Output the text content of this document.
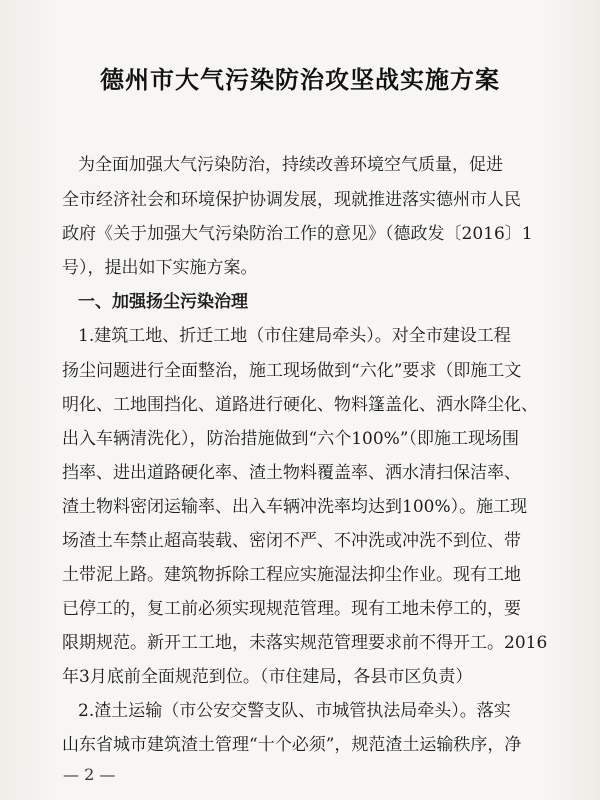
德州市大气污染防治攻坚战实施方案
为全面加强大气污染防治，持续改善环境空气质量，促进
全市经济社会和环境保护协调发展，现就推进落实德州市人民
政府《关于加强大气污染防治工作的意见》（德政发〔2016〕1
号），提出如下实施方案。
一、加强扬尘污染治理
1.建筑工地、折迁工地（市住建局牵头）。对全市建设工程
扬尘问题进行全面整治，施工现场做到“六化”要求（即施工文
明化、工地围挡化、道路进行硬化、物料篷盖化、洒水降尘化、
出入车辆清洗化），防治措施做到“六个100%”（即施工现场围
挡率、进出道路硬化率、渣土物料覆盖率、洒水清扫保洁率、
渣土物料密闭运输率、出入车辆冲洗率均达到100%）。施工现
场渣土车禁止超高装载、密闭不严、不冲洗或冲洗不到位、带
土带泥上路。建筑物拆除工程应实施湿法抑尘作业。现有工地
已停工的，复工前必须实现规范管理。现有工地未停工的，要
限期规范。新开工工地，未落实规范管理要求前不得开工。2016
年3月底前全面规范到位。（市住建局，各县市区负责）
2.渣土运输（市公安交警支队、市城管执法局牵头）。落实
山东省城市建筑渣土管理“十个必须”，规范渣土运输秩序，净
— 2 —
